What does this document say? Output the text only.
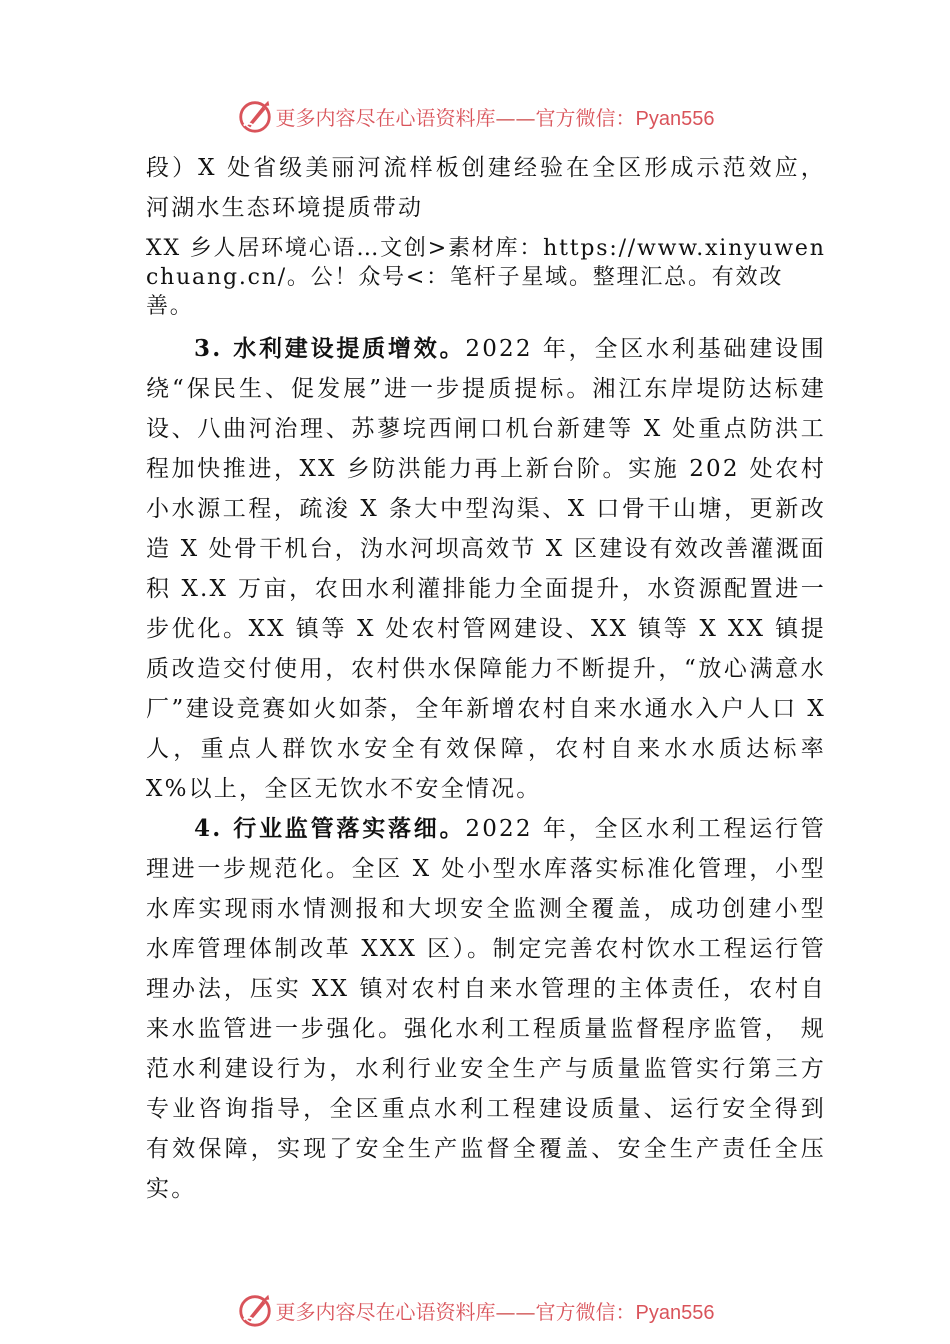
更多内容尽在心语资料库——官方微信：Pyan556

段）X 处省级美丽河流样板创建经验在全区形成示范效应，河湖水生态环境提质带动

XX 乡人居环境心语…文创>素材库：https://www.xinyuwenchuang.cn/。公！众号<：笔杆子星域。整理汇总。有效改善。

3. 水利建设提质增效。2022 年，全区水利基础建设围绕“保民生、促发展”进一步提质提标。湘江东岸堤防达标建设、八曲河治理、苏蓼垸西闸口机台新建等 X 处重点防洪工程加快推进，XX 乡防洪能力再上新台阶。实施 202 处农村小水源工程，疏浚 X 条大中型沟渠、X 口骨干山塘，更新改造 X 处骨干机台，沩水河坝高效节 X 区建设有效改善灌溉面积 X.X 万亩，农田水利灌排能力全面提升，水资源配置进一步优化。XX 镇等 X 处农村管网建设、XX 镇等 X XX 镇提质改造交付使用，农村供水保障能力不断提升，“放心满意水厂”建设竞赛如火如荼，全年新增农村自来水通水入户人口 X 人，重点人群饮水安全有效保障，农村自来水水质达标率 X%以上，全区无饮水不安全情况。

4. 行业监管落实落细。2022 年，全区水利工程运行管理进一步规范化。全区 X 处小型水库落实标准化管理，小型水库实现雨水情测报和大坝安全监测全覆盖，成功创建小型水库管理体制改革 XXX 区）。制定完善农村饮水工程运行管理办法，压实 XX 镇对农村自来水管理的主体责任，农村自来水监管进一步强化。强化水利工程质量监督程序监管， 规范水利建设行为，水利行业安全生产与质量监管实行第三方专业咨询指导，全区重点水利工程建设质量、运行安全得到有效保障，实现了安全生产监督全覆盖、安全生产责任全压实。

更多内容尽在心语资料库——官方微信：Pyan556
